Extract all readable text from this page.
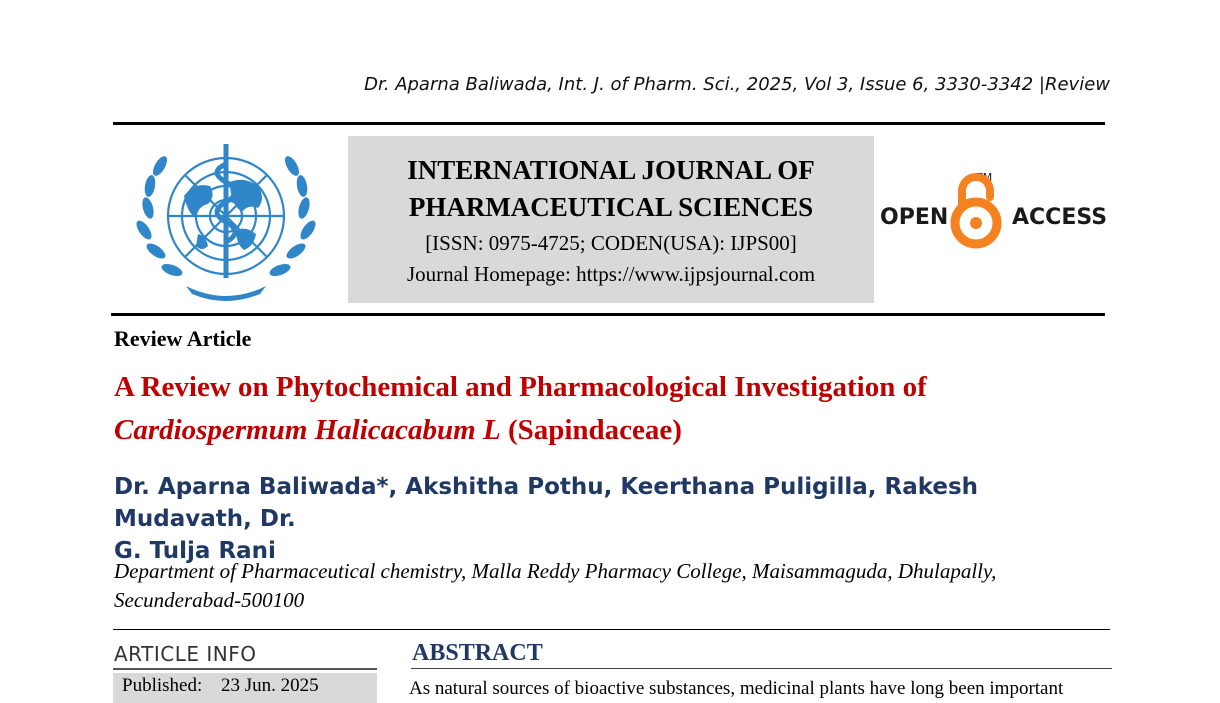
Dr. Aparna Baliwada, Int. J. of Pharm. Sci., 2025, Vol 3, Issue 6, 3330-3342 |Review
INTERNATIONAL JOURNAL OF
PHARMACEUTICAL SCIENCES
[ISSN: 0975-4725; CODEN(USA): IJPS00]
Journal Homepage: https://www.ijpsjournal.com
OPEN	ACCESS
TM
Review Article
A Review on Phytochemical and Pharmacological Investigation of
Cardiospermum Halicacabum L (Sapindaceae)
Dr. Aparna Baliwada*, Akshitha Pothu, Keerthana Puligilla, Rakesh Mudavath, Dr.
G. Tulja Rani
Department of Pharmaceutical chemistry, Malla Reddy Pharmacy College, Maisammaguda, Dhulapally,
Secunderabad-500100
ARTICLE INFO
Published: 23 Jun. 2025
ABSTRACT
As natural sources of bioactive substances, medicinal plants have long been important
